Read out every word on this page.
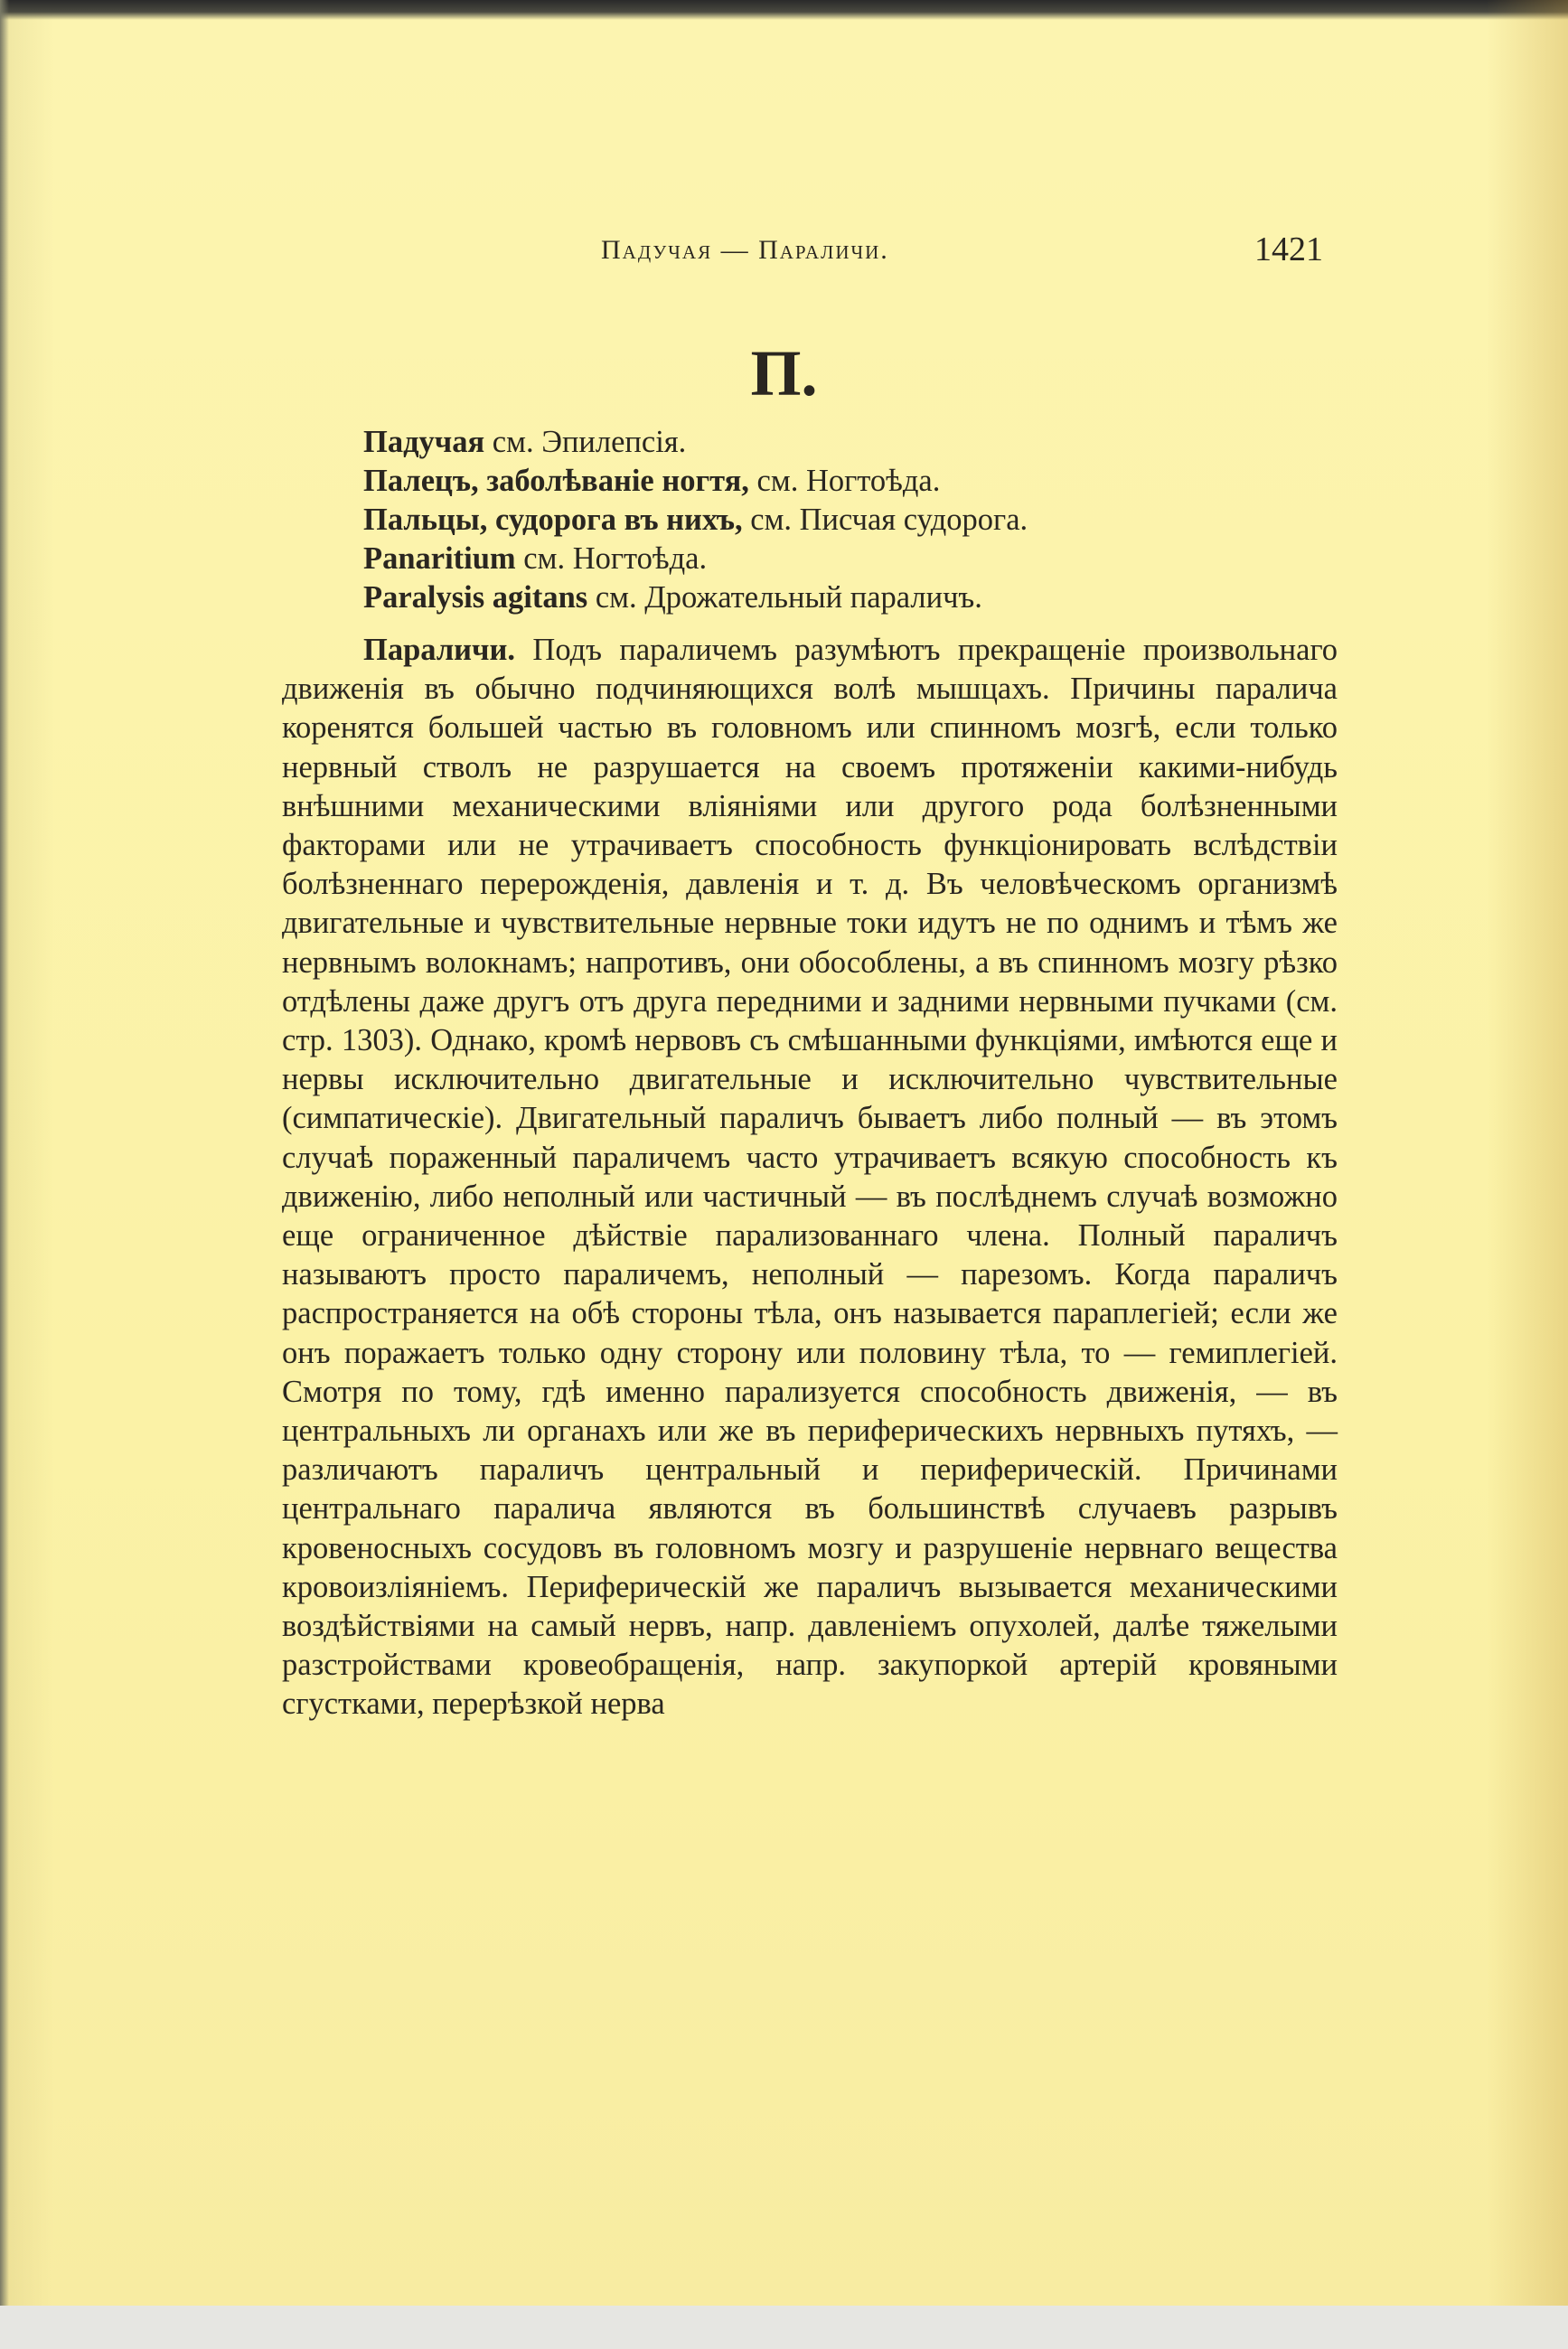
Падучая — Параличи.	1421
П.
Падучая см. Эпилепсія.
Палецъ, заболѣваніе ногтя, см. Ногтоѣда.
Пальцы, судорога въ нихъ, см. Писчая судорога.
Panaritium см. Ногтоѣда.
Paralysis agitans см. Дрожательный параличъ.
Параличи. Подъ параличемъ разумѣютъ прекращеніе произвольнаго движенія въ обычно подчиняющихся волѣ мышцахъ. Причины паралича коренятся большей частью въ головномъ или спинномъ мозгѣ, если только нервный стволъ не разрушается на своемъ протяженіи какими-нибудь внѣшними механическими вліяніями или другого рода болѣзненными факторами или не утрачиваетъ способность функціонировать вслѣдствіи болѣзненнаго перерожденія, давленія и т. д. Въ человѣческомъ организмѣ двигательные и чувствительные нервные токи идутъ не по однимъ и тѣмъ же нервнымъ волокнамъ; напротивъ, они обособлены, а въ спинномъ мозгу рѣзко отдѣлены даже другъ отъ друга передними и задними нервными пучками (см. стр. 1303). Однако, кромѣ нервовъ съ смѣшанными функціями, имѣются еще и нервы исключительно двигательные и исключительно чувствительные (симпатическіе). Двигательный параличъ бываетъ либо полный — въ этомъ случаѣ пораженный параличемъ часто утрачиваетъ всякую способность къ движенію, либо неполный или частичный — въ послѣднемъ случаѣ возможно еще ограниченное дѣйствіе парализованнаго члена. Полный параличъ называютъ просто параличемъ, неполный — парезомъ. Когда параличъ распространяется на обѣ стороны тѣла, онъ называется параплегіей; если же онъ поражаетъ только одну сторону или половину тѣла, то — гемиплегіей. Смотря по тому, гдѣ именно парализуется способность движенія, — въ центральныхъ ли органахъ или же въ периферическихъ нервныхъ путяхъ, — различаютъ параличъ центральный и периферическій. Причинами центральнаго паралича являются въ большинствѣ случаевъ разрывъ кровеносныхъ сосудовъ въ головномъ мозгу и разрушеніе нервнаго вещества кровоизліяніемъ. Периферическій же параличъ вызывается механическими воздѣйствіями на самый нервъ, напр. давленіемъ опухолей, далѣе тяжелыми разстройствами кровеобращенія, напр. закупоркой артерій кровяными сгустками, перерѣзкой нерва
